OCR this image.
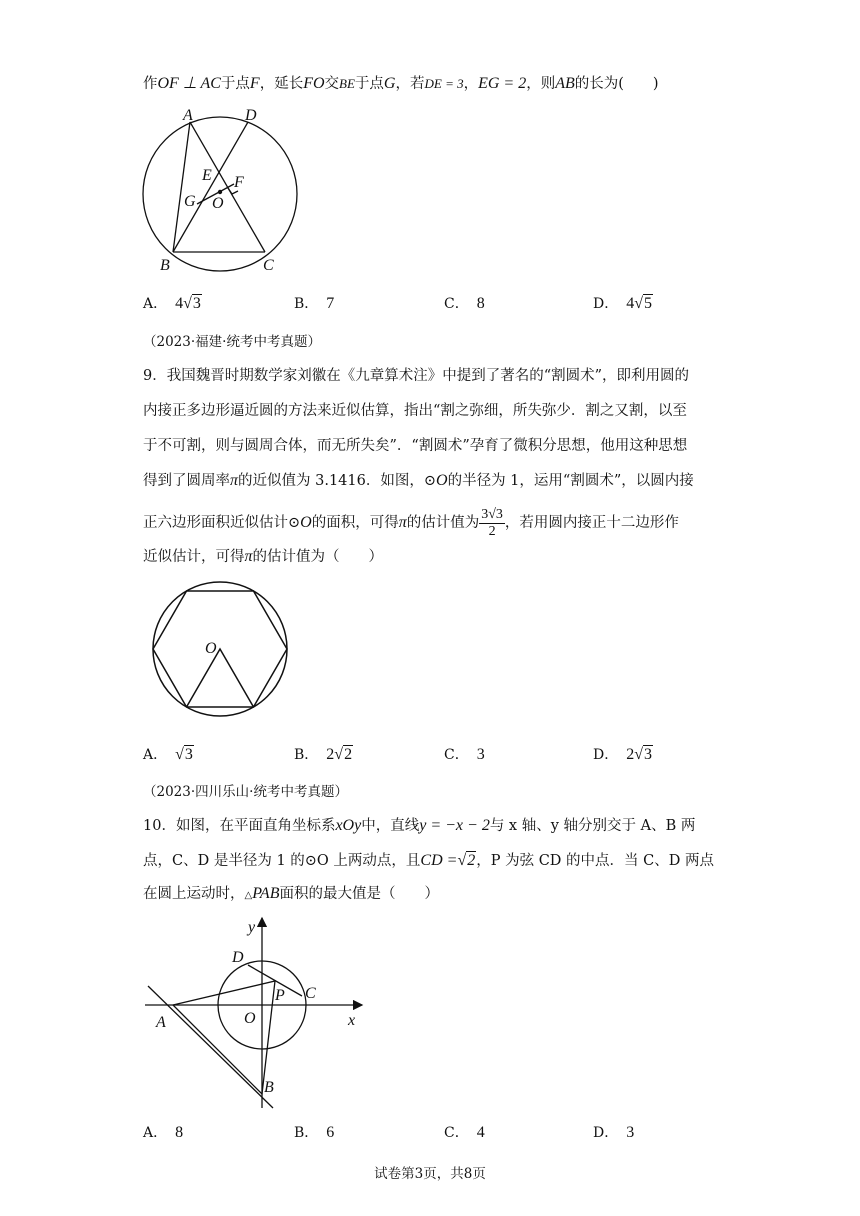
作OF ⊥ AC于点F，延长FO交BE于点G，若DE = 3，EG = 2，则AB的长为(　　)
A	D
E F
G O
B	C
A． 4√3	B． 7	C． 8	D． 4√5
（2023·福建·统考中考真题）
9．我国魏晋时期数学家刘徽在《九章算术注》中提到了著名的“割圆术”，即利用圆的
内接正多边形逼近圆的方法来近似估算，指出“割之弥细，所失弥少．割之又割，以至
于不可割，则与圆周合体，而无所失矣”．“割圆术”孕育了微积分思想，他用这种思想
得到了圆周率π的近似值为 3.1416．如图，⊙O的半径为 1，运用“割圆术”，以圆内接
正六边形面积近似估计⊙O的面积，可得π的估计值为 $\frac{3√3}{2}$ ，若用圆内接正十二边形作
近似估计，可得π的估计值为（　　）
O
A． √3	B． 2√2	C． 3	D． 2√3
（2023·四川乐山·统考中考真题）
10．如图，在平面直角坐标系xOy中，直线y = −x − 2与 x 轴、y 轴分别交于 A、B 两
点，C、D 是半径为 1 的⊙O 上两动点，且CD =√2，P 为弦 CD 的中点．当 C、D 两点
在圆上运动时，△PAB面积的最大值是（　　）
y
D
P C
A	O	x
B
A． 8	B． 6	C． 4	D． 3
试卷第3页，共8页
